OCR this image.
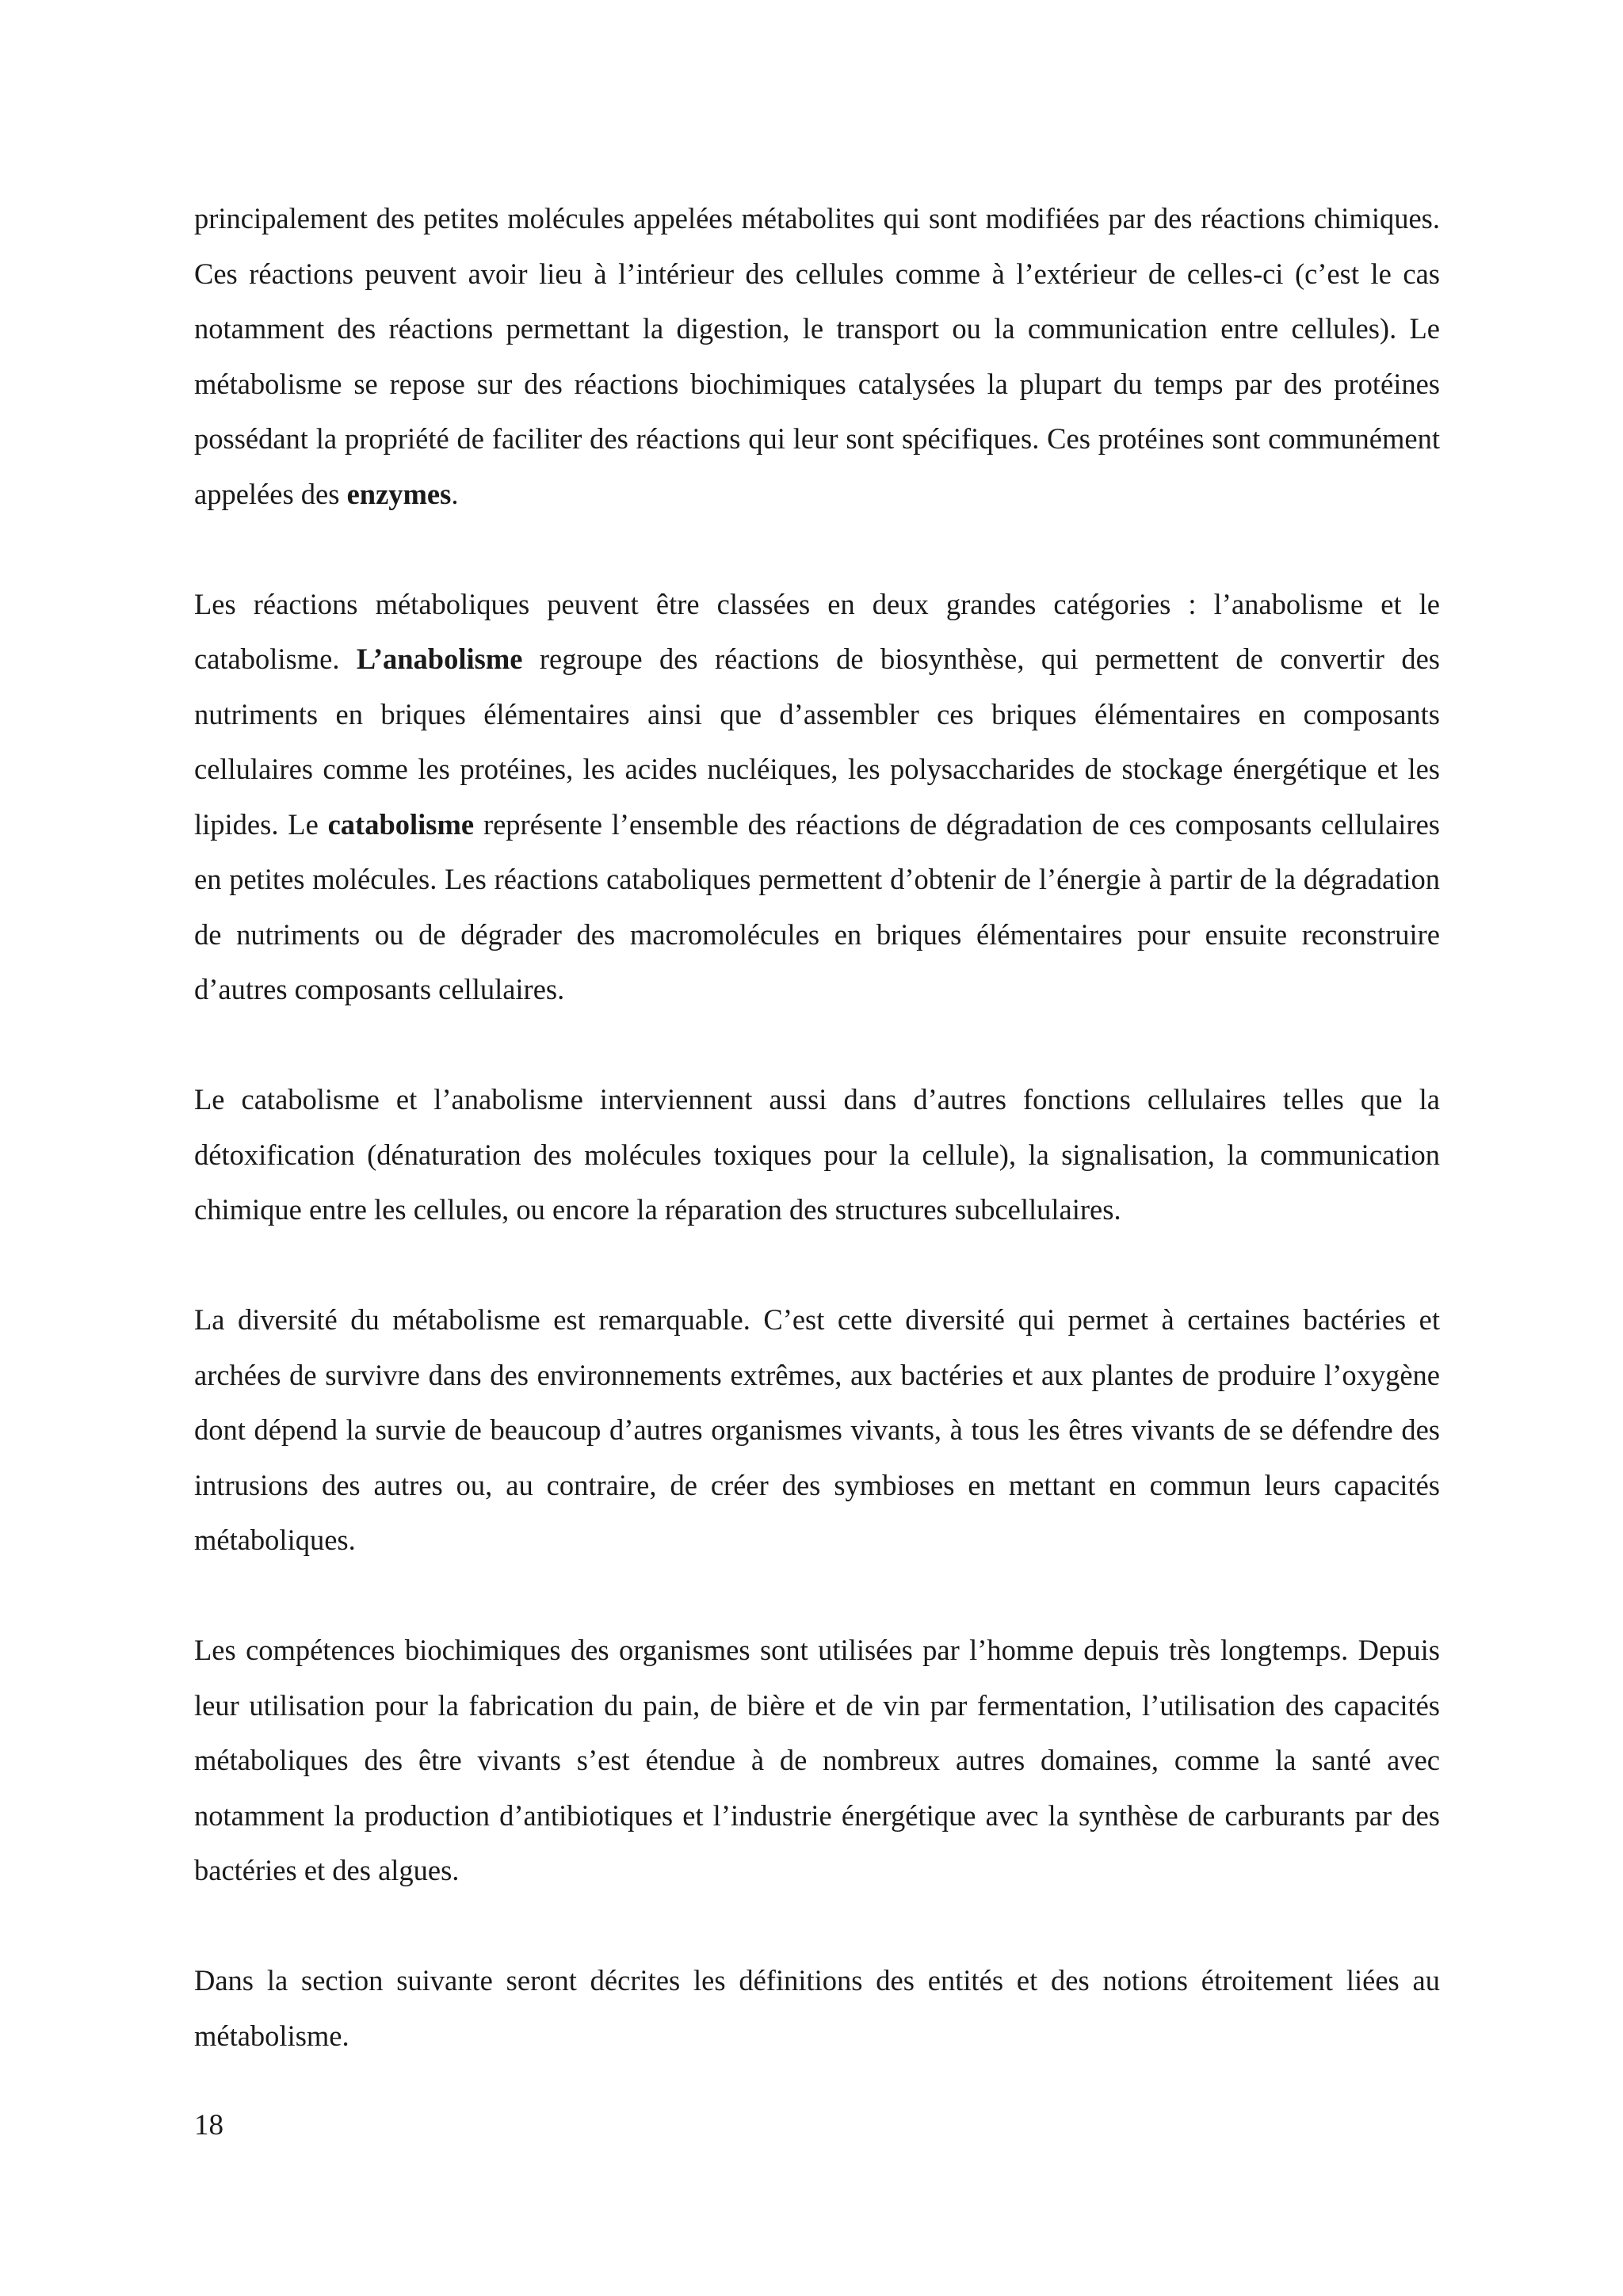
principalement des petites molécules appelées métabolites qui sont modifiées par des réactions chimiques. Ces réactions peuvent avoir lieu à l’intérieur des cellules comme à l’extérieur de celles-ci (c’est le cas notamment des réactions permettant la digestion, le transport ou la communication entre cellules). Le métabolisme se repose sur des réactions biochimiques catalysées la plupart du temps par des protéines possédant la propriété de faciliter des réactions qui leur sont spécifiques. Ces protéines sont communément appelées des enzymes.

Les réactions métaboliques peuvent être classées en deux grandes catégories : l’anabolisme et le catabolisme. L’anabolisme regroupe des réactions de biosynthèse, qui permettent de convertir des nutriments en briques élémentaires ainsi que d’assembler ces briques élémentaires en composants cellulaires comme les protéines, les acides nucléiques, les polysaccharides de stockage énergétique et les lipides. Le catabolisme représente l’ensemble des réactions de dégradation de ces composants cellulaires en petites molécules. Les réactions cataboliques permettent d’obtenir de l’énergie à partir de la dégradation de nutriments ou de dégrader des macromolécules en briques élémentaires pour ensuite reconstruire d’autres composants cellulaires.

Le catabolisme et l’anabolisme interviennent aussi dans d’autres fonctions cellulaires telles que la détoxification (dénaturation des molécules toxiques pour la cellule), la signalisation, la communication chimique entre les cellules, ou encore la réparation des structures subcellulaires.

La diversité du métabolisme est remarquable. C’est cette diversité qui permet à certaines bactéries et archées de survivre dans des environnements extrêmes, aux bactéries et aux plantes de produire l’oxygène dont dépend la survie de beaucoup d’autres organismes vivants, à tous les êtres vivants de se défendre des intrusions des autres ou, au contraire, de créer des symbioses en mettant en commun leurs capacités métaboliques.

Les compétences biochimiques des organismes sont utilisées par l’homme depuis très longtemps. Depuis leur utilisation pour la fabrication du pain, de bière et de vin par fermentation, l’utilisation des capacités métaboliques des être vivants s’est étendue à de nombreux autres domaines, comme la santé avec notamment la production d’antibiotiques et l’industrie énergétique avec la synthèse de carburants par des bactéries et des algues.

Dans la section suivante seront décrites les définitions des entités et des notions étroitement liées au métabolisme.

18
